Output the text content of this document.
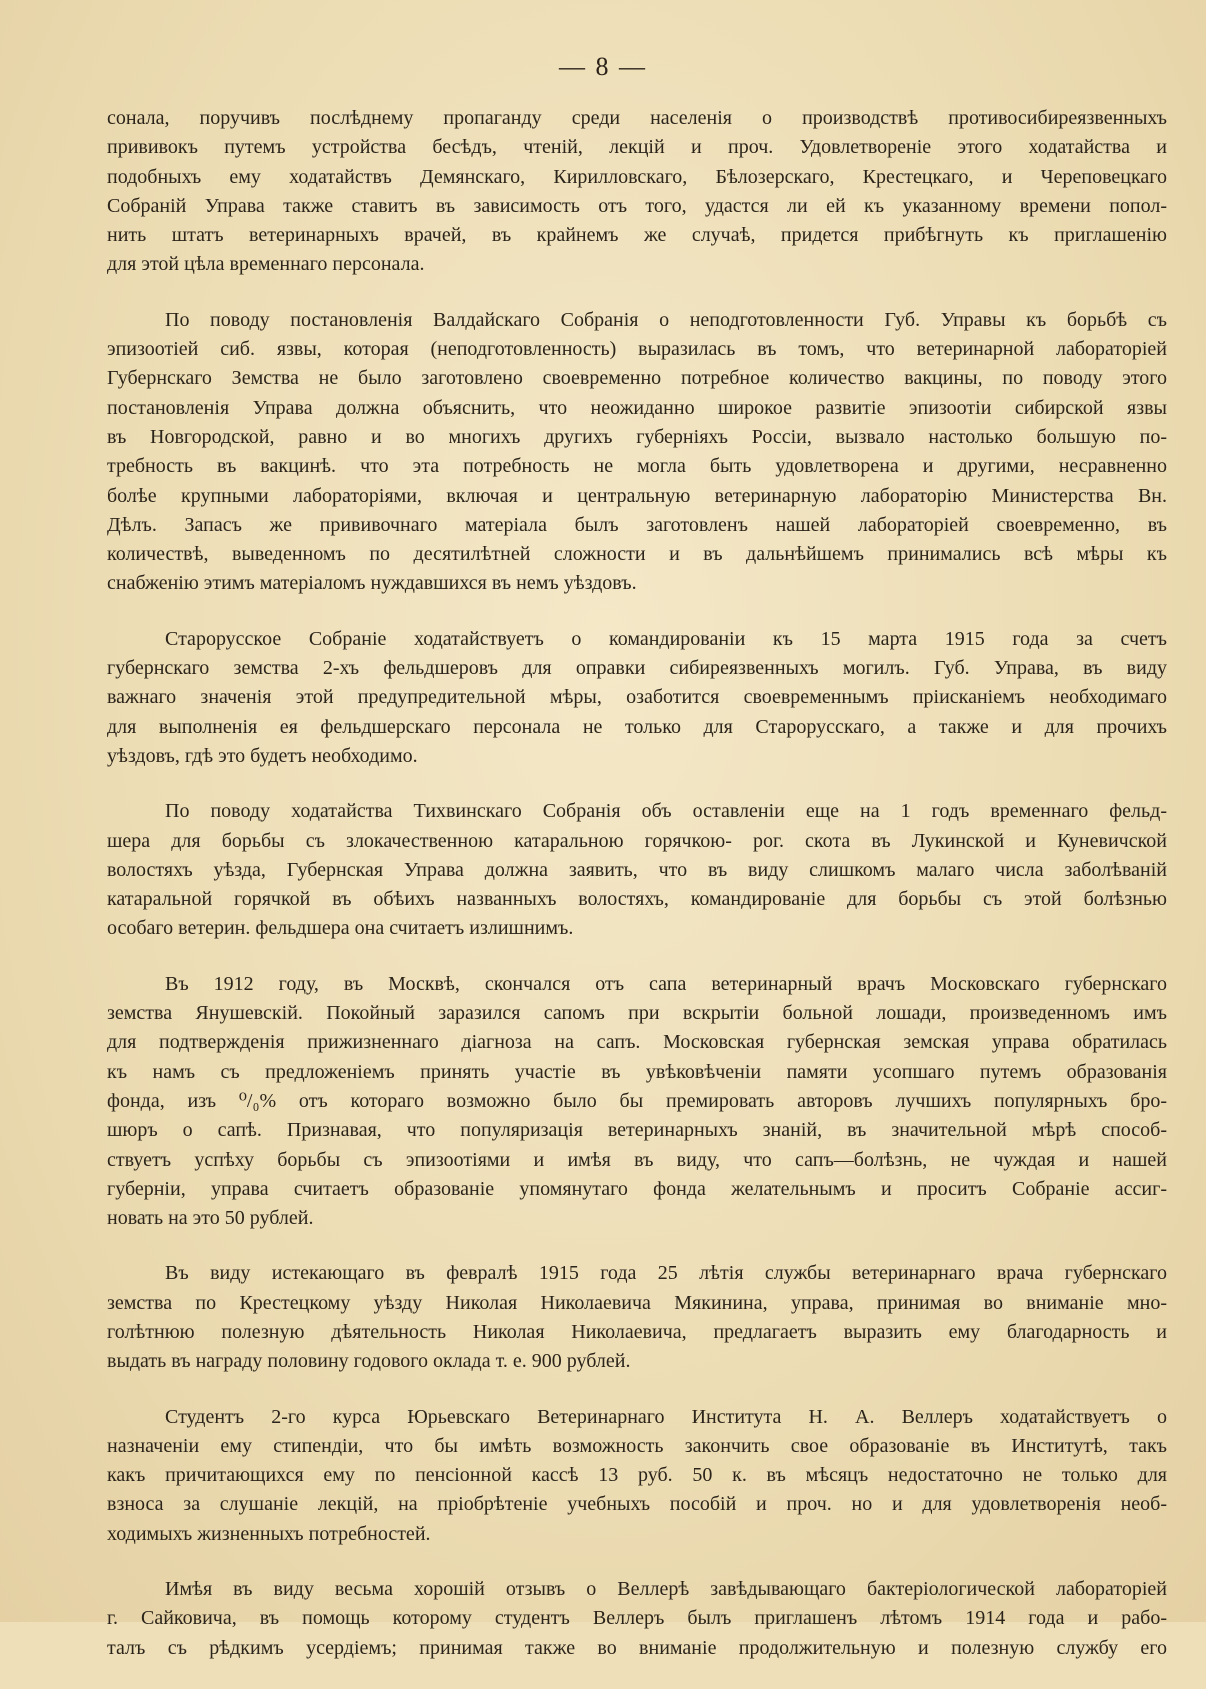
— 8 —

сонала, поручивъ послѣднему пропаганду среди населенія о производствѣ противосибиреязвенныхъ
прививокъ путемъ устройства бесѣдъ, чтеній, лекцій и проч. Удовлетвореніе этого ходатайства и
подобныхъ ему ходатайствъ Демянскаго, Кирилловскаго, Бѣлозерскаго, Крестецкаго, и Череповецкаго
Собраній Управа также ставитъ въ зависимость отъ того, удастся ли ей къ указанному времени попол-
нить штатъ ветеринарныхъ врачей, въ крайнемъ же случаѣ, придется прибѣгнуть къ приглашенію
для этой цѣла временнаго персонала.

По поводу постановленія Валдайскаго Собранія о неподготовленности Губ. Управы къ борьбѣ съ
эпизоотіей сиб. язвы, которая (неподготовленность) выразилась въ томъ, что ветеринарной лабораторіей
Губернскаго Земства не было заготовлено своевременно потребное количество вакцины, по поводу этого
постановленія Управа должна объяснить, что неожиданно широкое развитіе эпизоотіи сибирской язвы
въ Новгородской, равно и во многихъ другихъ губерніяхъ Россіи, вызвало настолько большую по-
требность въ вакцинѣ. что эта потребность не могла быть удовлетворена и другими, несравненно
болѣе крупными лабораторіями, включая и центральную ветеринарную лабораторію Министерства Вн.
Дѣлъ. Запасъ же прививочнаго матеріала былъ заготовленъ нашей лабораторіей своевременно, въ
количествѣ, выведенномъ по десятилѣтней сложности и въ дальнѣйшемъ принимались всѣ мѣры къ
снабженію этимъ матеріаломъ нуждавшихся въ немъ уѣздовъ.

Старорусское Собраніе ходатайствуетъ о командированіи къ 15 марта 1915 года за счетъ
губернскаго земства 2-хъ фельдшеровъ для оправки сибиреязвенныхъ могилъ. Губ. Управа, въ виду
важнаго значенія этой предупредительной мѣры, озаботится своевременнымъ пріисканіемъ необходимаго
для выполненія ея фельдшерскаго персонала не только для Старорусскаго, а также и для прочихъ
уѣздовъ, гдѣ это будетъ необходимо.

По поводу ходатайства Тихвинскаго Собранія объ оставленіи еще на 1 годъ временнаго фельд-
шера для борьбы съ злокачественною катаральною горячкою- рог. скота въ Лукинской и Куневичской
волостяхъ уѣзда, Губернская Управа должна заявить, что въ виду слишкомъ малаго числа заболѣваній
катаральной горячкой въ обѣихъ названныхъ волостяхъ, командированіе для борьбы съ этой болѣзнью
особаго ветерин. фельдшера она считаетъ излишнимъ.

Въ 1912 году, въ Москвѣ, скончался отъ сапа ветеринарный врачъ Московскаго губернскаго
земства Янушевскій. Покойный заразился сапомъ при вскрытіи больной лошади, произведенномъ имъ
для подтвержденія прижизненнаго діагноза на сапъ. Московская губернская земская управа обратилась
къ намъ съ предложеніемъ принять участіе въ увѣковѣченіи памяти усопшаго путемъ образованія
фонда, изъ ⁰/₀% отъ котораго возможно было бы премировать авторовъ лучшихъ популярныхъ бро-
шюръ о сапѣ. Признавая, что популяризація ветеринарныхъ знаній, въ значительной мѣрѣ способ-
ствуетъ успѣху борьбы съ эпизоотіями и имѣя въ виду, что сапъ—болѣзнь, не чуждая и нашей
губерніи, управа считаетъ образованіе упомянутаго фонда желательнымъ и проситъ Собраніе ассиг-
новать на это 50 рублей.

Въ виду истекающаго въ февралѣ 1915 года 25 лѣтія службы ветеринарнаго врача губернскаго
земства по Крестецкому уѣзду Николая Николаевича Мякинина, управа, принимая во вниманіе мно-
голѣтнюю полезную дѣятельность Николая Николаевича, предлагаетъ выразить ему благодарность и
выдать въ награду половину годового оклада т. е. 900 рублей.

Студентъ 2-го курса Юрьевскаго Ветеринарнаго Института Н. А. Веллеръ ходатайствуетъ о
назначеніи ему стипендіи, что бы имѣть возможность закончить свое образованіе въ Институтѣ, такъ
какъ причитающихся ему по пенсіонной кассѣ 13 руб. 50 к. въ мѣсяцъ недостаточно не только для
взноса за слушаніе лекцій, на пріобрѣтеніе учебныхъ пособій и проч. но и для удовлетворенія необ-
ходимыхъ жизненныхъ потребностей.

Имѣя въ виду весьма хорошій отзывъ о Веллерѣ завѣдывающаго бактеріологической лабораторіей
г. Сайковича, въ помощь которому студентъ Веллеръ былъ приглашенъ лѣтомъ 1914 года и рабо-
талъ съ рѣдкимъ усердіемъ; принимая также во вниманіе продолжительную и полезную службу его
